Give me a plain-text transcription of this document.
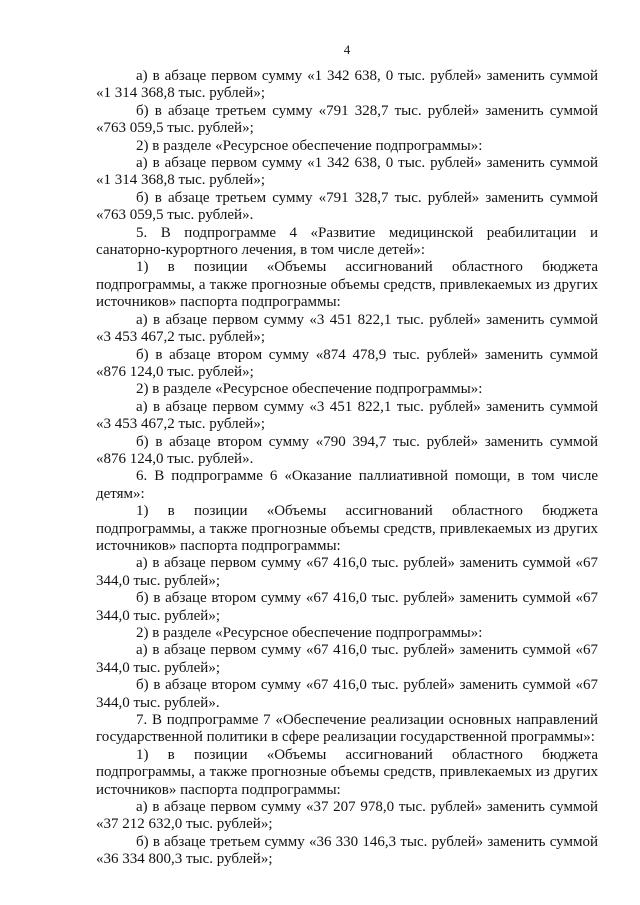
4

а) в абзаце первом сумму «1 342 638, 0 тыс. рублей» заменить суммой «1 314 368,8 тыс. рублей»;

б) в абзаце третьем сумму «791 328,7 тыс. рублей» заменить суммой «763 059,5 тыс. рублей»;

2) в разделе «Ресурсное обеспечение подпрограммы»:

а) в абзаце первом сумму «1 342 638, 0 тыс. рублей» заменить суммой «1 314 368,8 тыс. рублей»;

б) в абзаце третьем сумму «791 328,7 тыс. рублей» заменить суммой «763 059,5 тыс. рублей».

5. В подпрограмме 4 «Развитие медицинской реабилитации и санаторно-курортного лечения, в том числе детей»:

1) в позиции «Объемы ассигнований областного бюджета подпрограммы, а также прогнозные объемы средств, привлекаемых из других источников» паспорта подпрограммы:

а) в абзаце первом сумму «3 451 822,1 тыс. рублей» заменить суммой «3 453 467,2 тыс. рублей»;

б) в абзаце втором сумму «874 478,9 тыс. рублей» заменить суммой «876 124,0 тыс. рублей»;

2) в разделе «Ресурсное обеспечение подпрограммы»:

а) в абзаце первом сумму «3 451 822,1 тыс. рублей» заменить суммой «3 453 467,2 тыс. рублей»;

б) в абзаце втором сумму «790 394,7 тыс. рублей» заменить суммой «876 124,0 тыс. рублей».

6. В подпрограмме 6 «Оказание паллиативной помощи, в том числе детям»:

1) в позиции «Объемы ассигнований областного бюджета подпрограммы, а также прогнозные объемы средств, привлекаемых из других источников» паспорта подпрограммы:

а) в абзаце первом сумму «67 416,0 тыс. рублей» заменить суммой «67 344,0 тыс. рублей»;

б) в абзаце втором сумму «67 416,0 тыс. рублей» заменить суммой «67 344,0 тыс. рублей»;

2) в разделе «Ресурсное обеспечение подпрограммы»:

а) в абзаце первом сумму «67 416,0 тыс. рублей» заменить суммой «67 344,0 тыс. рублей»;

б) в абзаце втором сумму «67 416,0 тыс. рублей» заменить суммой «67 344,0 тыс. рублей».

7. В подпрограмме 7 «Обеспечение реализации основных направлений государственной политики в сфере реализации государственной программы»:

1) в позиции «Объемы ассигнований областного бюджета подпрограммы, а также прогнозные объемы средств, привлекаемых из других источников» паспорта подпрограммы:

а) в абзаце первом сумму «37 207 978,0 тыс. рублей» заменить суммой «37 212 632,0 тыс. рублей»;

б) в абзаце третьем сумму «36 330 146,3 тыс. рублей» заменить суммой «36 334 800,3 тыс. рублей»;
